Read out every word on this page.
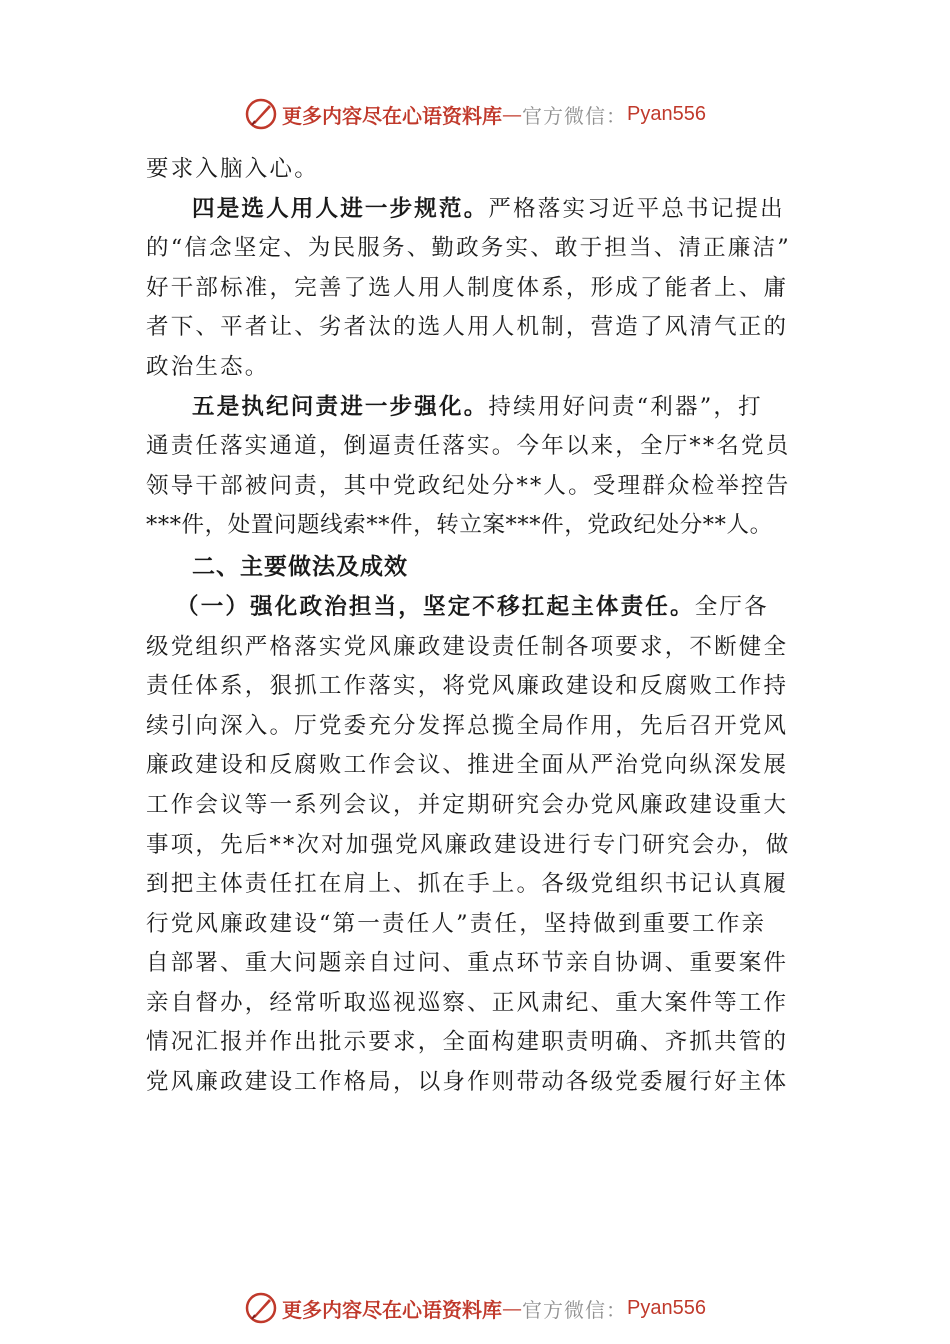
更多内容尽在心语资料库 — 官方微信： Pyan556
要求入脑入心。
四是选人用人进一步规范。严格落实习近平总书记提出
的“信念坚定、为民服务、勤政务实、敢于担当、清正廉洁”
好干部标准，完善了选人用人制度体系，形成了能者上、庸
者下、平者让、劣者汰的选人用人机制，营造了风清气正的
政治生态。
五是执纪问责进一步强化。持续用好问责“利器”，打
通责任落实通道，倒逼责任落实。今年以来，全厅**名党员
领导干部被问责，其中党政纪处分**人。受理群众检举控告
***件，处置问题线索**件，转立案***件，党政纪处分**人。
二、主要做法及成效
（一）强化政治担当，坚定不移扛起主体责任。全厅各
级党组织严格落实党风廉政建设责任制各项要求，不断健全
责任体系，狠抓工作落实，将党风廉政建设和反腐败工作持
续引向深入。厅党委充分发挥总揽全局作用，先后召开党风
廉政建设和反腐败工作会议、推进全面从严治党向纵深发展
工作会议等一系列会议，并定期研究会办党风廉政建设重大
事项，先后**次对加强党风廉政建设进行专门研究会办，做
到把主体责任扛在肩上、抓在手上。各级党组织书记认真履
行党风廉政建设“第一责任人”责任，坚持做到重要工作亲
自部署、重大问题亲自过问、重点环节亲自协调、重要案件
亲自督办，经常听取巡视巡察、正风肃纪、重大案件等工作
情况汇报并作出批示要求，全面构建职责明确、齐抓共管的
党风廉政建设工作格局，以身作则带动各级党委履行好主体
更多内容尽在心语资料库 — 官方微信： Pyan556
